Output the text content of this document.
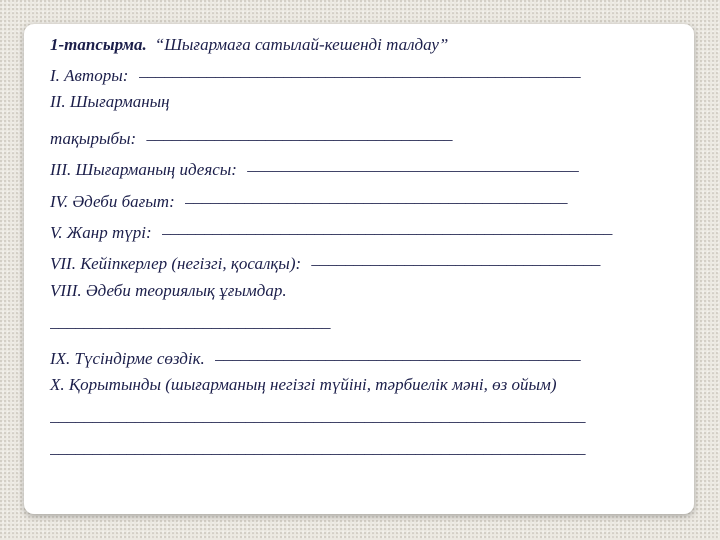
1-тапсырма. “Шығармаға сатылай-кешенді талдау”
I. Авторы: ____________________________________________________
II. Шығарманың
тақырыбы: ____________________________________
III. Шығарманың идеясы: _______________________________________
IV. Әдеби бағыт: _____________________________________________
V. Жанр түрі: _____________________________________________________
VII. Кейіпкерлер (негізгі, қосалқы): __________________________________
VIII. Әдеби теориялық ұғымдар.
_________________________________
IX. Түсіндірме сөздік. ___________________________________________
X. Қорытынды (шығарманың негізгі түйіні, тәрбиелік мәні, өз ойым)
_______________________________________________________________
_______________________________________________________________
